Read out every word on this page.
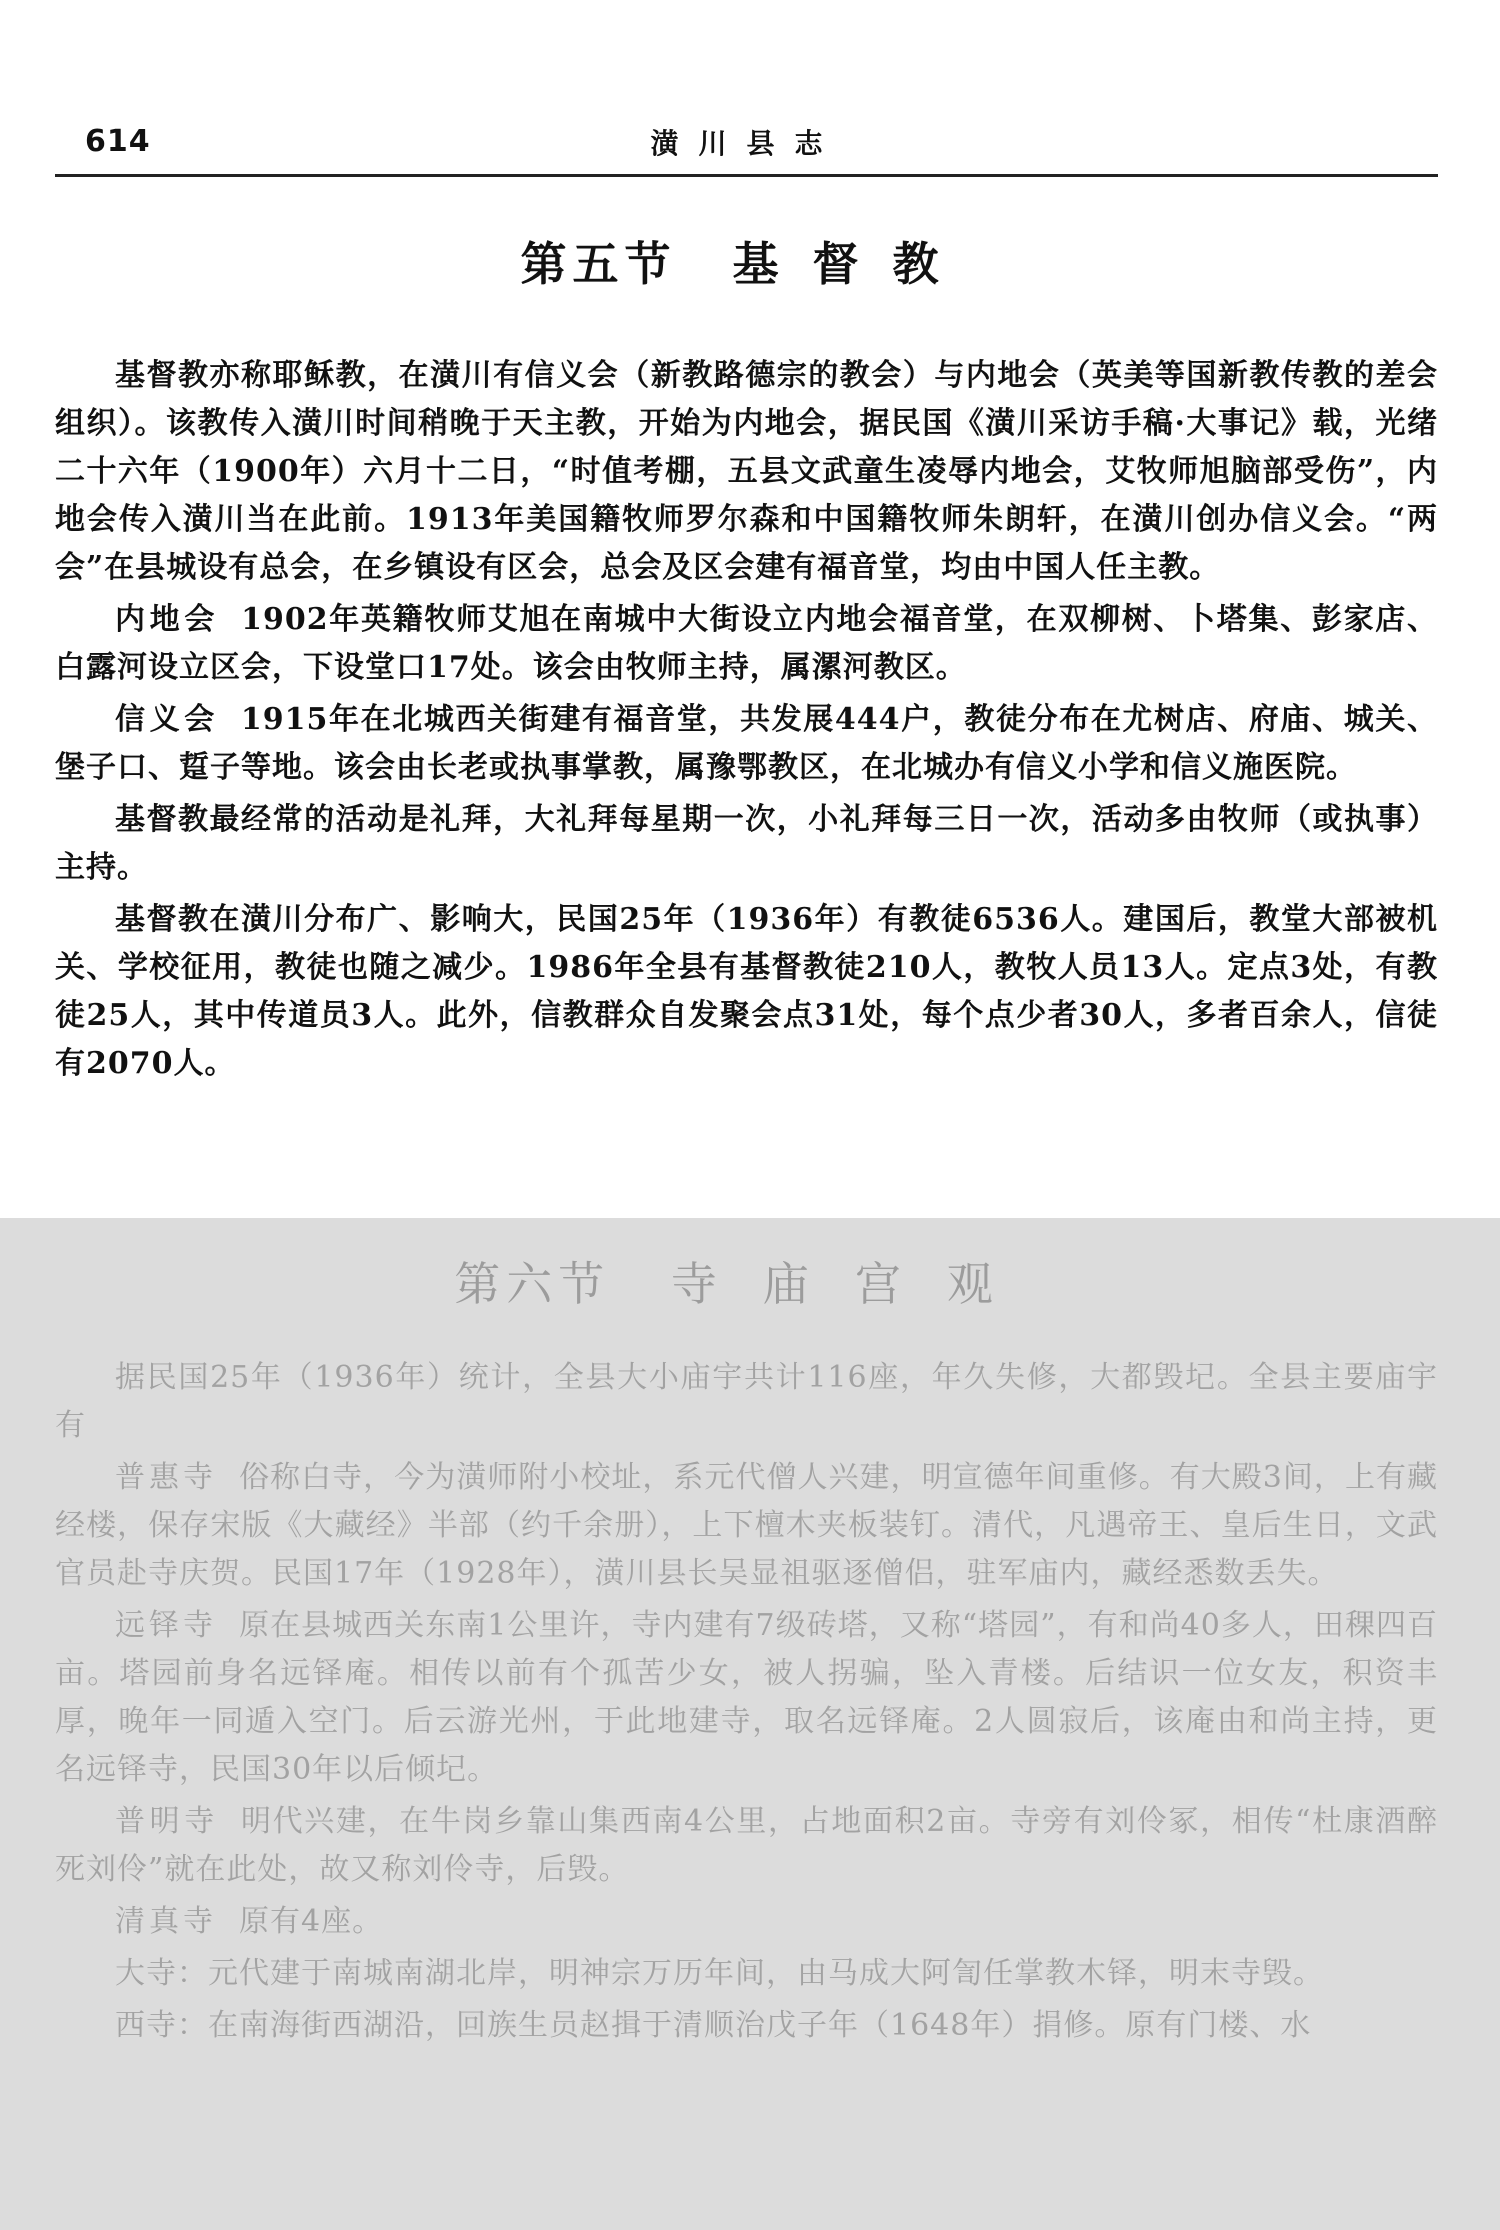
614	潢川县志
第五节 基督教

基督教亦称耶稣教，在潢川有信义会（新教路德宗的教会）与内地会（英美等国新教传教的差会组织）。该教传入潢川时间稍晚于天主教，开始为内地会，据民国《潢川采访手稿·大事记》载，光绪二十六年（1900年）六月十二日，“时值考棚，五县文武童生凌辱内地会，艾牧师旭脑部受伤”，内地会传入潢川当在此前。1913年美国籍牧师罗尔森和中国籍牧师朱朗轩，在潢川创办信义会。“两会”在县城设有总会，在乡镇设有区会，总会及区会建有福音堂，均由中国人任主教。

内地会 1902年英籍牧师艾旭在南城中大街设立内地会福音堂，在双柳树、卜塔集、彭家店、白露河设立区会，下设堂口17处。该会由牧师主持，属漯河教区。

信义会 1915年在北城西关街建有福音堂，共发展444户，教徒分布在尤树店、府庙、城关、堡子口、踅子等地。该会由长老或执事掌教，属豫鄂教区，在北城办有信义小学和信义施医院。

基督教最经常的活动是礼拜，大礼拜每星期一次，小礼拜每三日一次，活动多由牧师（或执事）主持。

基督教在潢川分布广、影响大，民国25年（1936年）有教徒6536人。建国后，教堂大部被机关、学校征用，教徒也随之减少。1986年全县有基督教徒210人，教牧人员13人。定点3处，有教徒25人，其中传道员3人。此外，信教群众自发聚会点31处，每个点少者30人，多者百余人，信徒有2070人。

第六节 寺庙宫观

据民国25年（1936年）统计，全县大小庙宇共计116座，年久失修，大都毁圮。全县主要庙宇有

普惠寺 俗称白寺，今为潢师附小校址，系元代僧人兴建，明宣德年间重修。有大殿3间，上有藏经楼，保存宋版《大藏经》半部（约千余册），上下檀木夹板装钉。清代，凡遇帝王、皇后生日，文武官员赴寺庆贺。民国17年（1928年），潢川县长吴显祖驱逐僧侣，驻军庙内，藏经悉数丢失。

远铎寺 原在县城西关东南1公里许，寺内建有7级砖塔，又称“塔园”，有和尚40多人，田稞四百亩。塔园前身名远铎庵。相传以前有个孤苦少女，被人拐骗，坠入青楼。后结识一位女友，积资丰厚，晚年一同遁入空门。后云游光州，于此地建寺，取名远铎庵。2人圆寂后，该庵由和尚主持，更名远铎寺，民国30年以后倾圮。

普明寺 明代兴建，在牛岗乡靠山集西南4公里，占地面积2亩。寺旁有刘伶冢，相传“杜康酒醉死刘伶”就在此处，故又称刘伶寺，后毁。

清真寺 原有4座。

大寺：元代建于南城南湖北岸，明神宗万历年间，由马成大阿訇任掌教木铎，明末寺毁。

西寺：在南海街西湖沿，回族生员赵揖于清顺治戊子年（1648年）捐修。原有门楼、水
